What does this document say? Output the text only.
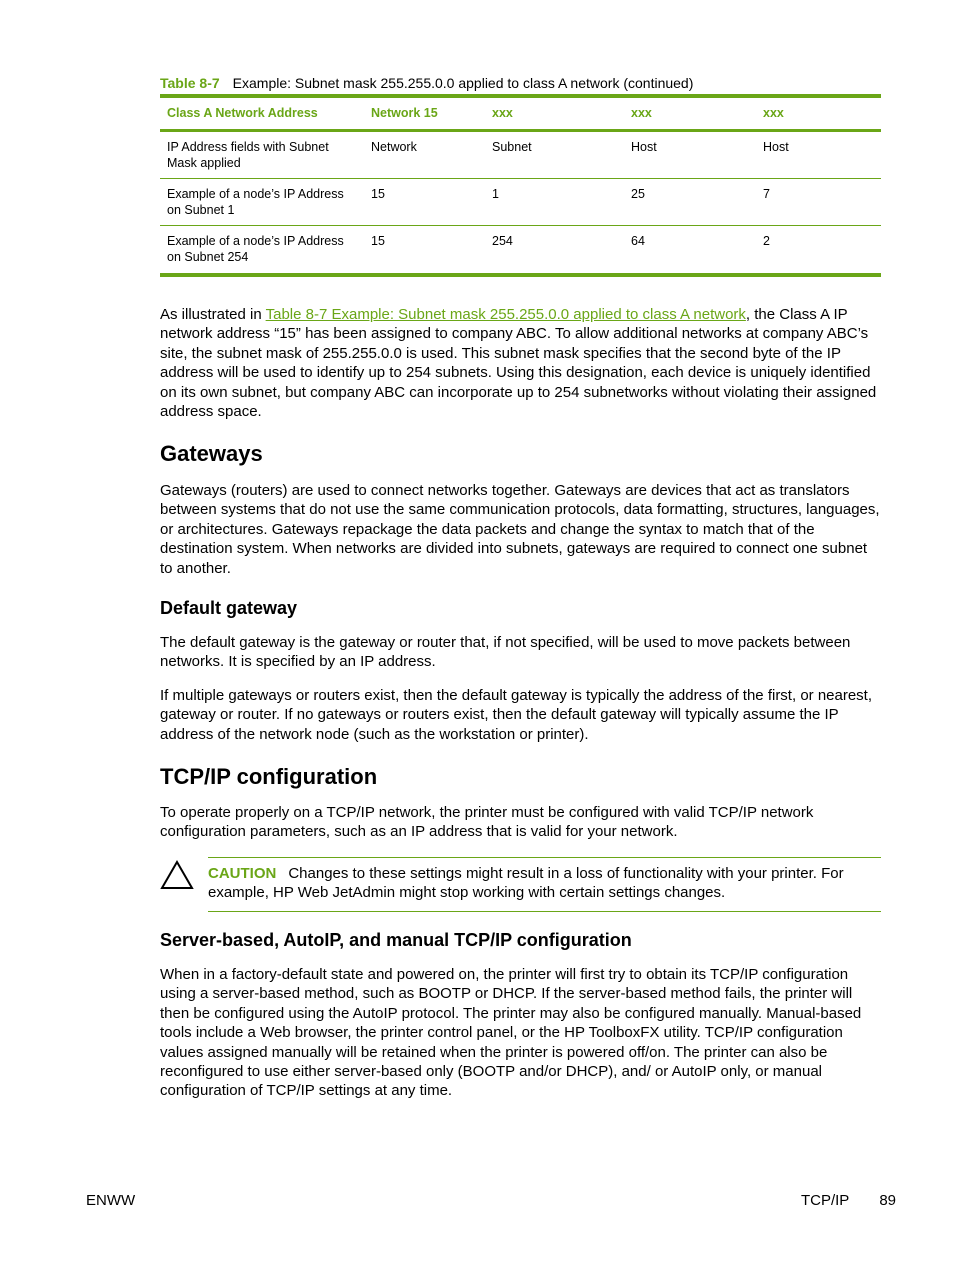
Table 8-7 Example: Subnet mask 255.255.0.0 applied to class A network (continued)
Class A Network Address	Network 15	xxx	xxx	xxx
IP Address fields with Subnet Mask applied	Network	Subnet	Host	Host
Example of a node’s IP Address on Subnet 1	15	1	25	7
Example of a node’s IP Address on Subnet 254	15	254	64	2

As illustrated in Table 8-7 Example: Subnet mask 255.255.0.0 applied to class A network, the Class A IP network address “15” has been assigned to company ABC. To allow additional networks at company ABC’s site, the subnet mask of 255.255.0.0 is used. This subnet mask specifies that the second byte of the IP address will be used to identify up to 254 subnets. Using this designation, each device is uniquely identified on its own subnet, but company ABC can incorporate up to 254 subnetworks without violating their assigned address space.

Gateways

Gateways (routers) are used to connect networks together. Gateways are devices that act as translators between systems that do not use the same communication protocols, data formatting, structures, languages, or architectures. Gateways repackage the data packets and change the syntax to match that of the destination system. When networks are divided into subnets, gateways are required to connect one subnet to another.

Default gateway

The default gateway is the gateway or router that, if not specified, will be used to move packets between networks. It is specified by an IP address.

If multiple gateways or routers exist, then the default gateway is typically the address of the first, or nearest, gateway or router. If no gateways or routers exist, then the default gateway will typically assume the IP address of the network node (such as the workstation or printer).

TCP/IP configuration

To operate properly on a TCP/IP network, the printer must be configured with valid TCP/IP network configuration parameters, such as an IP address that is valid for your network.

CAUTION Changes to these settings might result in a loss of functionality with your printer. For example, HP Web JetAdmin might stop working with certain settings changes.
Server-based, AutoIP, and manual TCP/IP configuration

When in a factory-default state and powered on, the printer will first try to obtain its TCP/IP configuration using a server-based method, such as BOOTP or DHCP. If the server-based method fails, the printer will then be configured using the AutoIP protocol. The printer may also be configured manually. Manual-based tools include a Web browser, the printer control panel, or the HP ToolboxFX utility. TCP/IP configuration values assigned manually will be retained when the printer is powered off/on. The printer can also be reconfigured to use either server-based only (BOOTP and/or DHCP), and/ or AutoIP only, or manual configuration of TCP/IP settings at any time.

ENWW	TCP/IP 89
